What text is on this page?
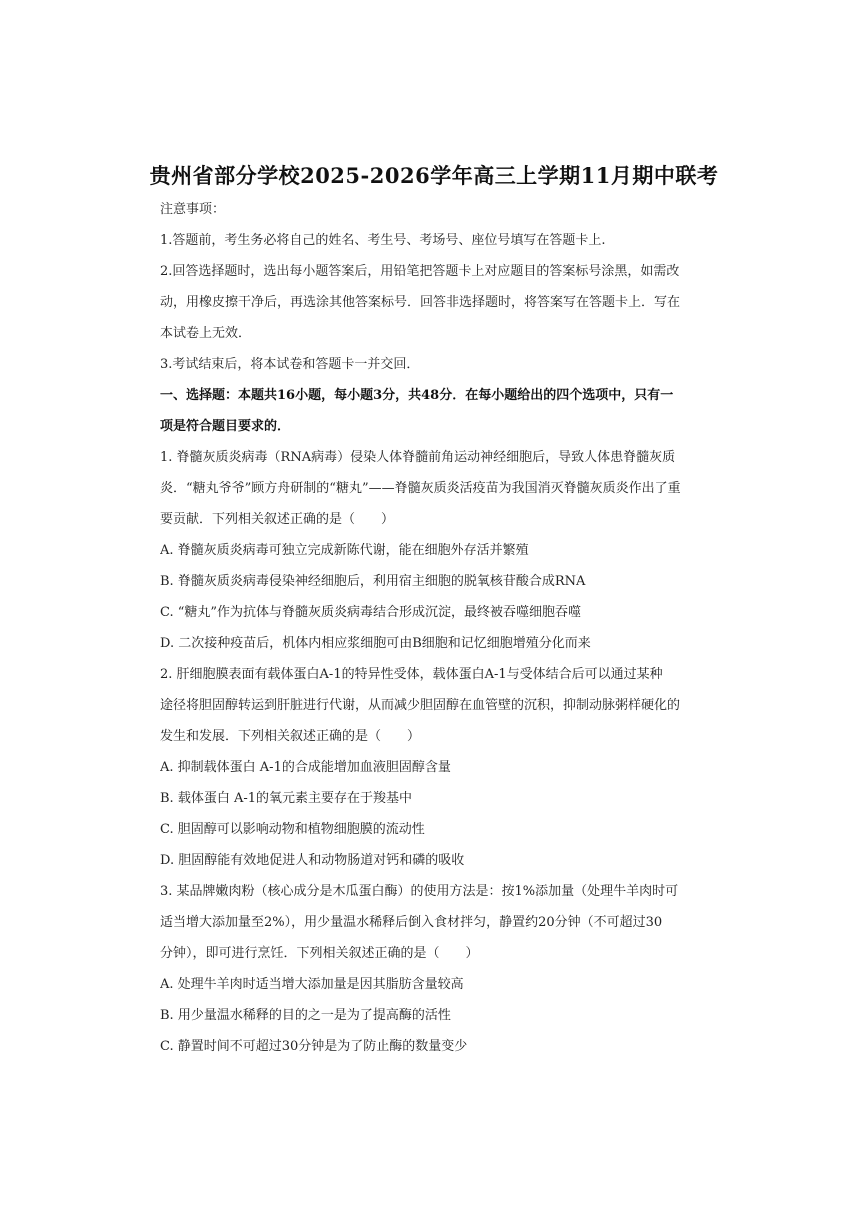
贵州省部分学校2025-2026学年高三上学期11月期中联考
注意事项：
1.答题前，考生务必将自己的姓名、考生号、考场号、座位号填写在答题卡上.
2.回答选择题时，选出每小题答案后，用铅笔把答题卡上对应题目的答案标号涂黑，如需改
动，用橡皮擦干净后，再选涂其他答案标号．回答非选择题时，将答案写在答题卡上．写在
本试卷上无效．
3.考试结束后，将本试卷和答题卡一并交回．
一、选择题：本题共16小题，每小题3分，共48分．在每小题给出的四个选项中，只有一
项是符合题目要求的．
1. 脊髓灰质炎病毒（RNA病毒）侵染人体脊髓前角运动神经细胞后，导致人体患脊髓灰质
炎．“糖丸爷爷”顾方舟研制的“糖丸”——脊髓灰质炎活疫苗为我国消灭脊髓灰质炎作出了重
要贡献．下列相关叙述正确的是（　　）
A. 脊髓灰质炎病毒可独立完成新陈代谢，能在细胞外存活并繁殖
B. 脊髓灰质炎病毒侵染神经细胞后，利用宿主细胞的脱氧核苷酸合成RNA
C. “糖丸”作为抗体与脊髓灰质炎病毒结合形成沉淀，最终被吞噬细胞吞噬
D. 二次接种疫苗后，机体内相应浆细胞可由B细胞和记忆细胞增殖分化而来
2. 肝细胞膜表面有载体蛋白A-1的特异性受体，载体蛋白A-1与受体结合后可以通过某种
途径将胆固醇转运到肝脏进行代谢，从而减少胆固醇在血管壁的沉积，抑制动脉粥样硬化的
发生和发展．下列相关叙述正确的是（　　）
A. 抑制载体蛋白 A-1的合成能增加血液胆固醇含量
B. 载体蛋白 A-1的氧元素主要存在于羧基中
C. 胆固醇可以影响动物和植物细胞膜的流动性
D. 胆固醇能有效地促进人和动物肠道对钙和磷的吸收
3. 某品牌嫩肉粉（核心成分是木瓜蛋白酶）的使用方法是：按1%添加量（处理牛羊肉时可
适当增大添加量至2%），用少量温水稀释后倒入食材拌匀，静置约20分钟（不可超过30
分钟），即可进行烹饪．下列相关叙述正确的是（　　）
A. 处理牛羊肉时适当增大添加量是因其脂肪含量较高
B. 用少量温水稀释的目的之一是为了提高酶的活性
C. 静置时间不可超过30分钟是为了防止酶的数量变少
